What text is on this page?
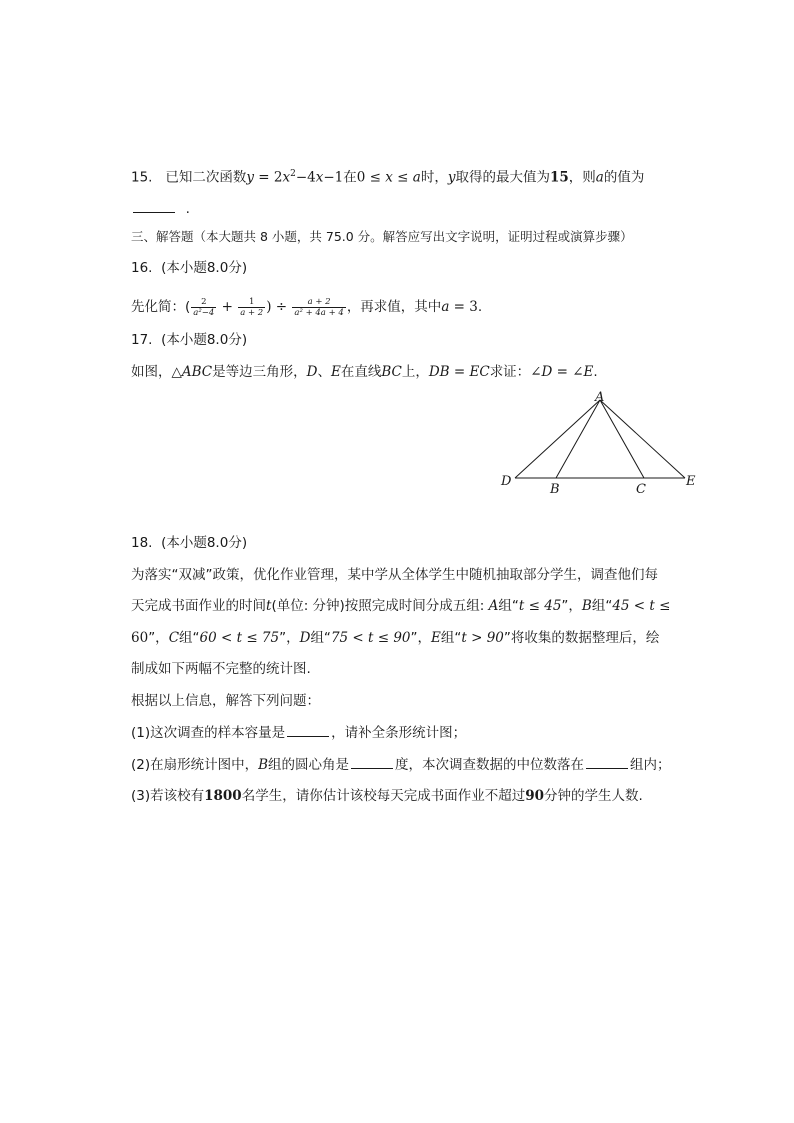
15. 已知二次函数$y = 2x^2-4x-1$在0 ≤ x ≤ a时，y取得的最大值为15，则a的值为
.
三、解答题（本大题共 8 小题，共 75.0 分。解答应写出文字说明，证明过程或演算步骤）
16. (本小题8.0分)
先化简：( $\frac{2}{\text{a²−4}} + \frac{1}{a + 2}$ ) ÷ $\frac{a + 2}{\text{a² + 4a + 4}}$ ，再求值，其中a = 3.
17. (本小题8.0分)
如图，△ABC是等边三角形，D、E在直线BC上，DB = EC求证：∠D = ∠E.
A
D
B	C
E
18. (本小题8.0分)
为落实“双减”政策，优化作业管理，某中学从全体学生中随机抽取部分学生，调查他们每
天完成书面作业的时间t(单位: 分钟)按照完成时间分成五组: A组“t ≤ 45”，B组“45 < t ≤
60”，C组“60 < t ≤ 75”，D组“75 < t ≤ 90”，E组“t > 90”将收集的数据整理后，绘
制成如下两幅不完整的统计图.
根据以上信息，解答下列问题：
(1)这次调查的样本容量是	，请补全条形统计图；
(2)在扇形统计图中，B组的圆心角是	度，本次调查数据的中位数落在	组内；
(3)若该校有1800名学生，请你估计该校每天完成书面作业不超过90分钟的学生人数.
